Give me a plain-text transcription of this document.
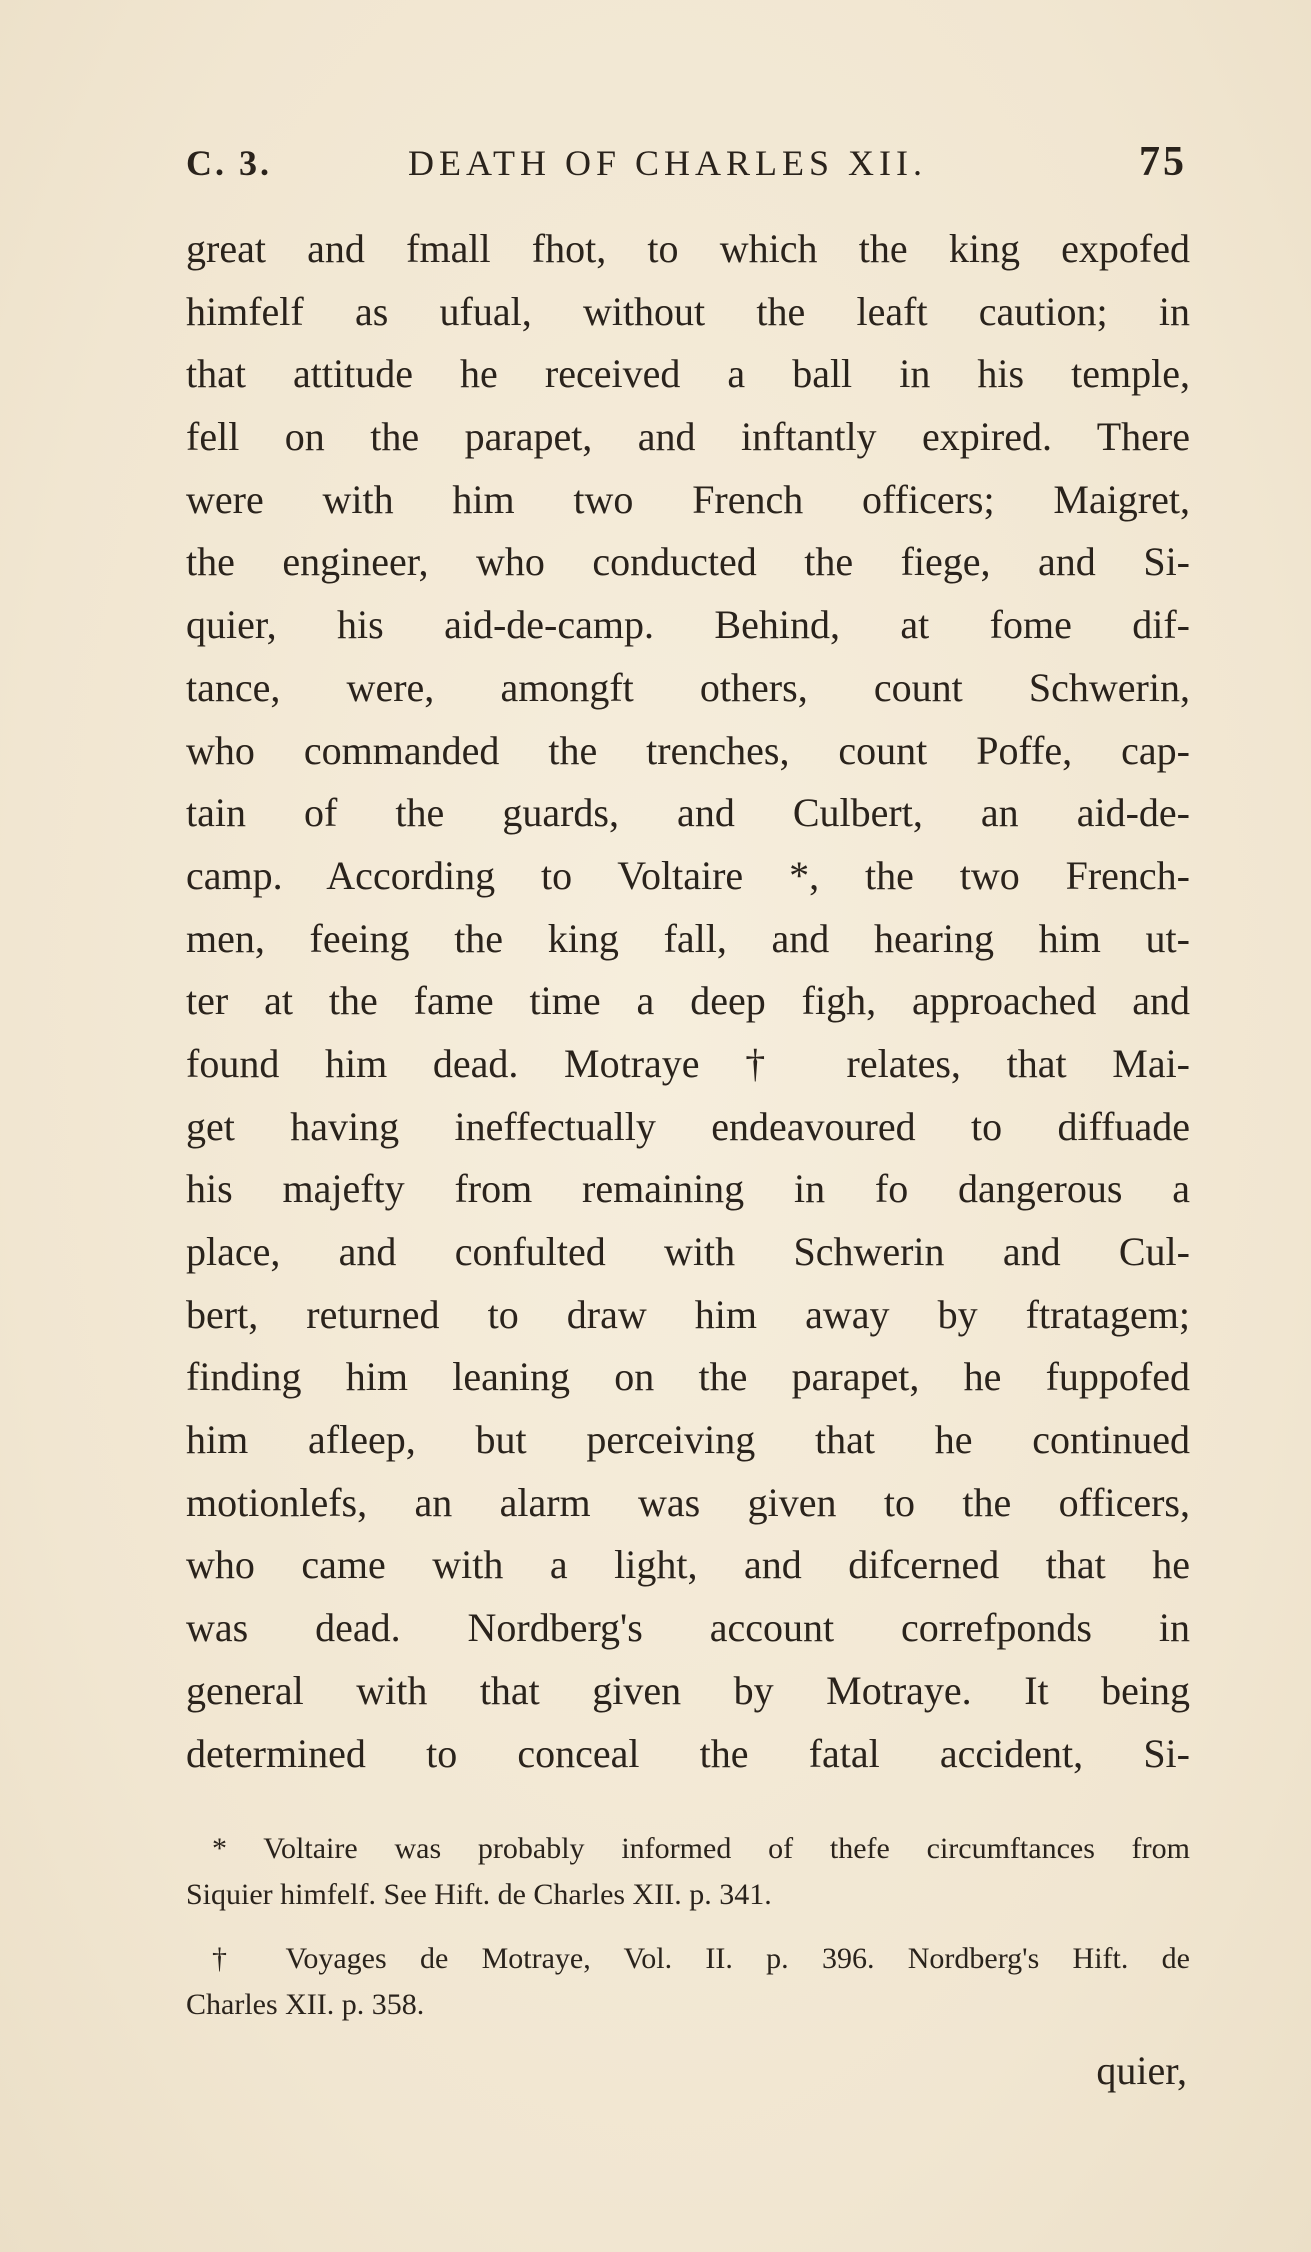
C. 3.	DEATH OF CHARLES XII.	75
great and fmall fhot, to which the king expofed
himfelf as ufual, without the leaft caution; in
that attitude he received a ball in his temple,
fell on the parapet, and inftantly expired. There
were with him two French officers; Maigret,
the engineer, who conducted the fiege, and Si-
quier, his aid-de-camp. Behind, at fome dif-
tance, were, amongft others, count Schwerin,
who commanded the trenches, count Poffe, cap-
tain of the guards, and Culbert, an aid-de-
camp. According to Voltaire *, the two French-
men, feeing the king fall, and hearing him ut-
ter at the fame time a deep figh, approached and
found him dead. Motraye † relates, that Mai-
get having ineffectually endeavoured to diffuade
his majefty from remaining in fo dangerous a
place, and confulted with Schwerin and Cul-
bert, returned to draw him away by ftratagem;
finding him leaning on the parapet, he fuppofed
him afleep, but perceiving that he continued
motionlefs, an alarm was given to the officers,
who came with a light, and difcerned that he
was dead. Nordberg's account correfponds in
general with that given by Motraye. It being
determined to conceal the fatal accident, Si-
* Voltaire was probably informed of thefe circumftances from
Siquier himfelf. See Hift. de Charles XII. p. 341.
† Voyages de Motraye, Vol. II. p. 396. Nordberg's Hift. de
Charles XII. p. 358.
quier,
